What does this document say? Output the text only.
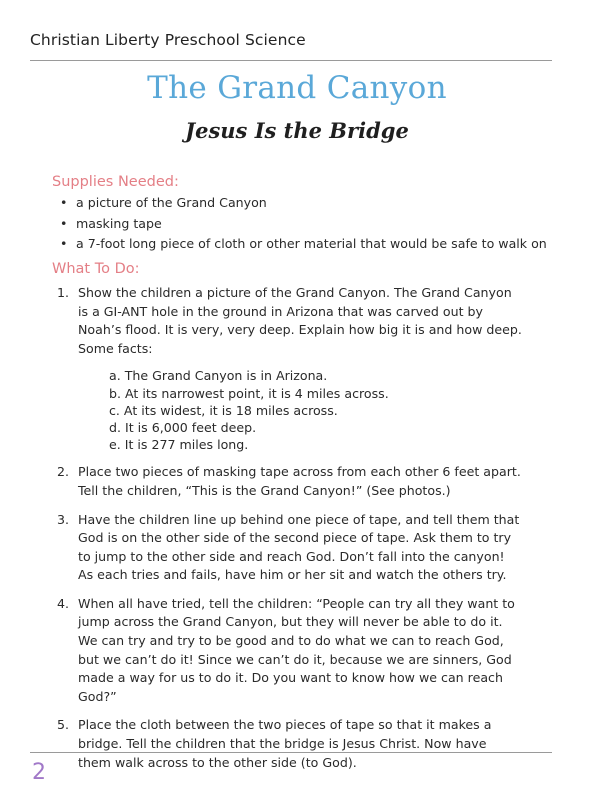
Christian Liberty Preschool Science
The Grand Canyon
Jesus Is the Bridge
Supplies Needed:
• a picture of the Grand Canyon
• masking tape
• a 7-foot long piece of cloth or other material that would be safe to walk on
What To Do:
1. Show the children a picture of the Grand Canyon. The Grand Canyon is a GI-ANT hole in the ground in Arizona that was carved out by Noah’s flood. It is very, very deep. Explain how big it is and how deep. Some facts:
a. The Grand Canyon is in Arizona.
b. At its narrowest point, it is 4 miles across.
c. At its widest, it is 18 miles across.
d. It is 6,000 feet deep.
e. It is 277 miles long.
2. Place two pieces of masking tape across from each other 6 feet apart. Tell the children, “This is the Grand Canyon!” (See photos.)
3. Have the children line up behind one piece of tape, and tell them that God is on the other side of the second piece of tape. Ask them to try to jump to the other side and reach God. Don’t fall into the canyon! As each tries and fails, have him or her sit and watch the others try.
4. When all have tried, tell the children: “People can try all they want to jump across the Grand Canyon, but they will never be able to do it. We can try and try to be good and to do what we can to reach God, but we can’t do it! Since we can’t do it, because we are sinners, God made a way for us to do it. Do you want to know how we can reach God?”
5. Place the cloth between the two pieces of tape so that it makes a bridge. Tell the children that the bridge is Jesus Christ. Now have them walk across to the other side (to God).
2
